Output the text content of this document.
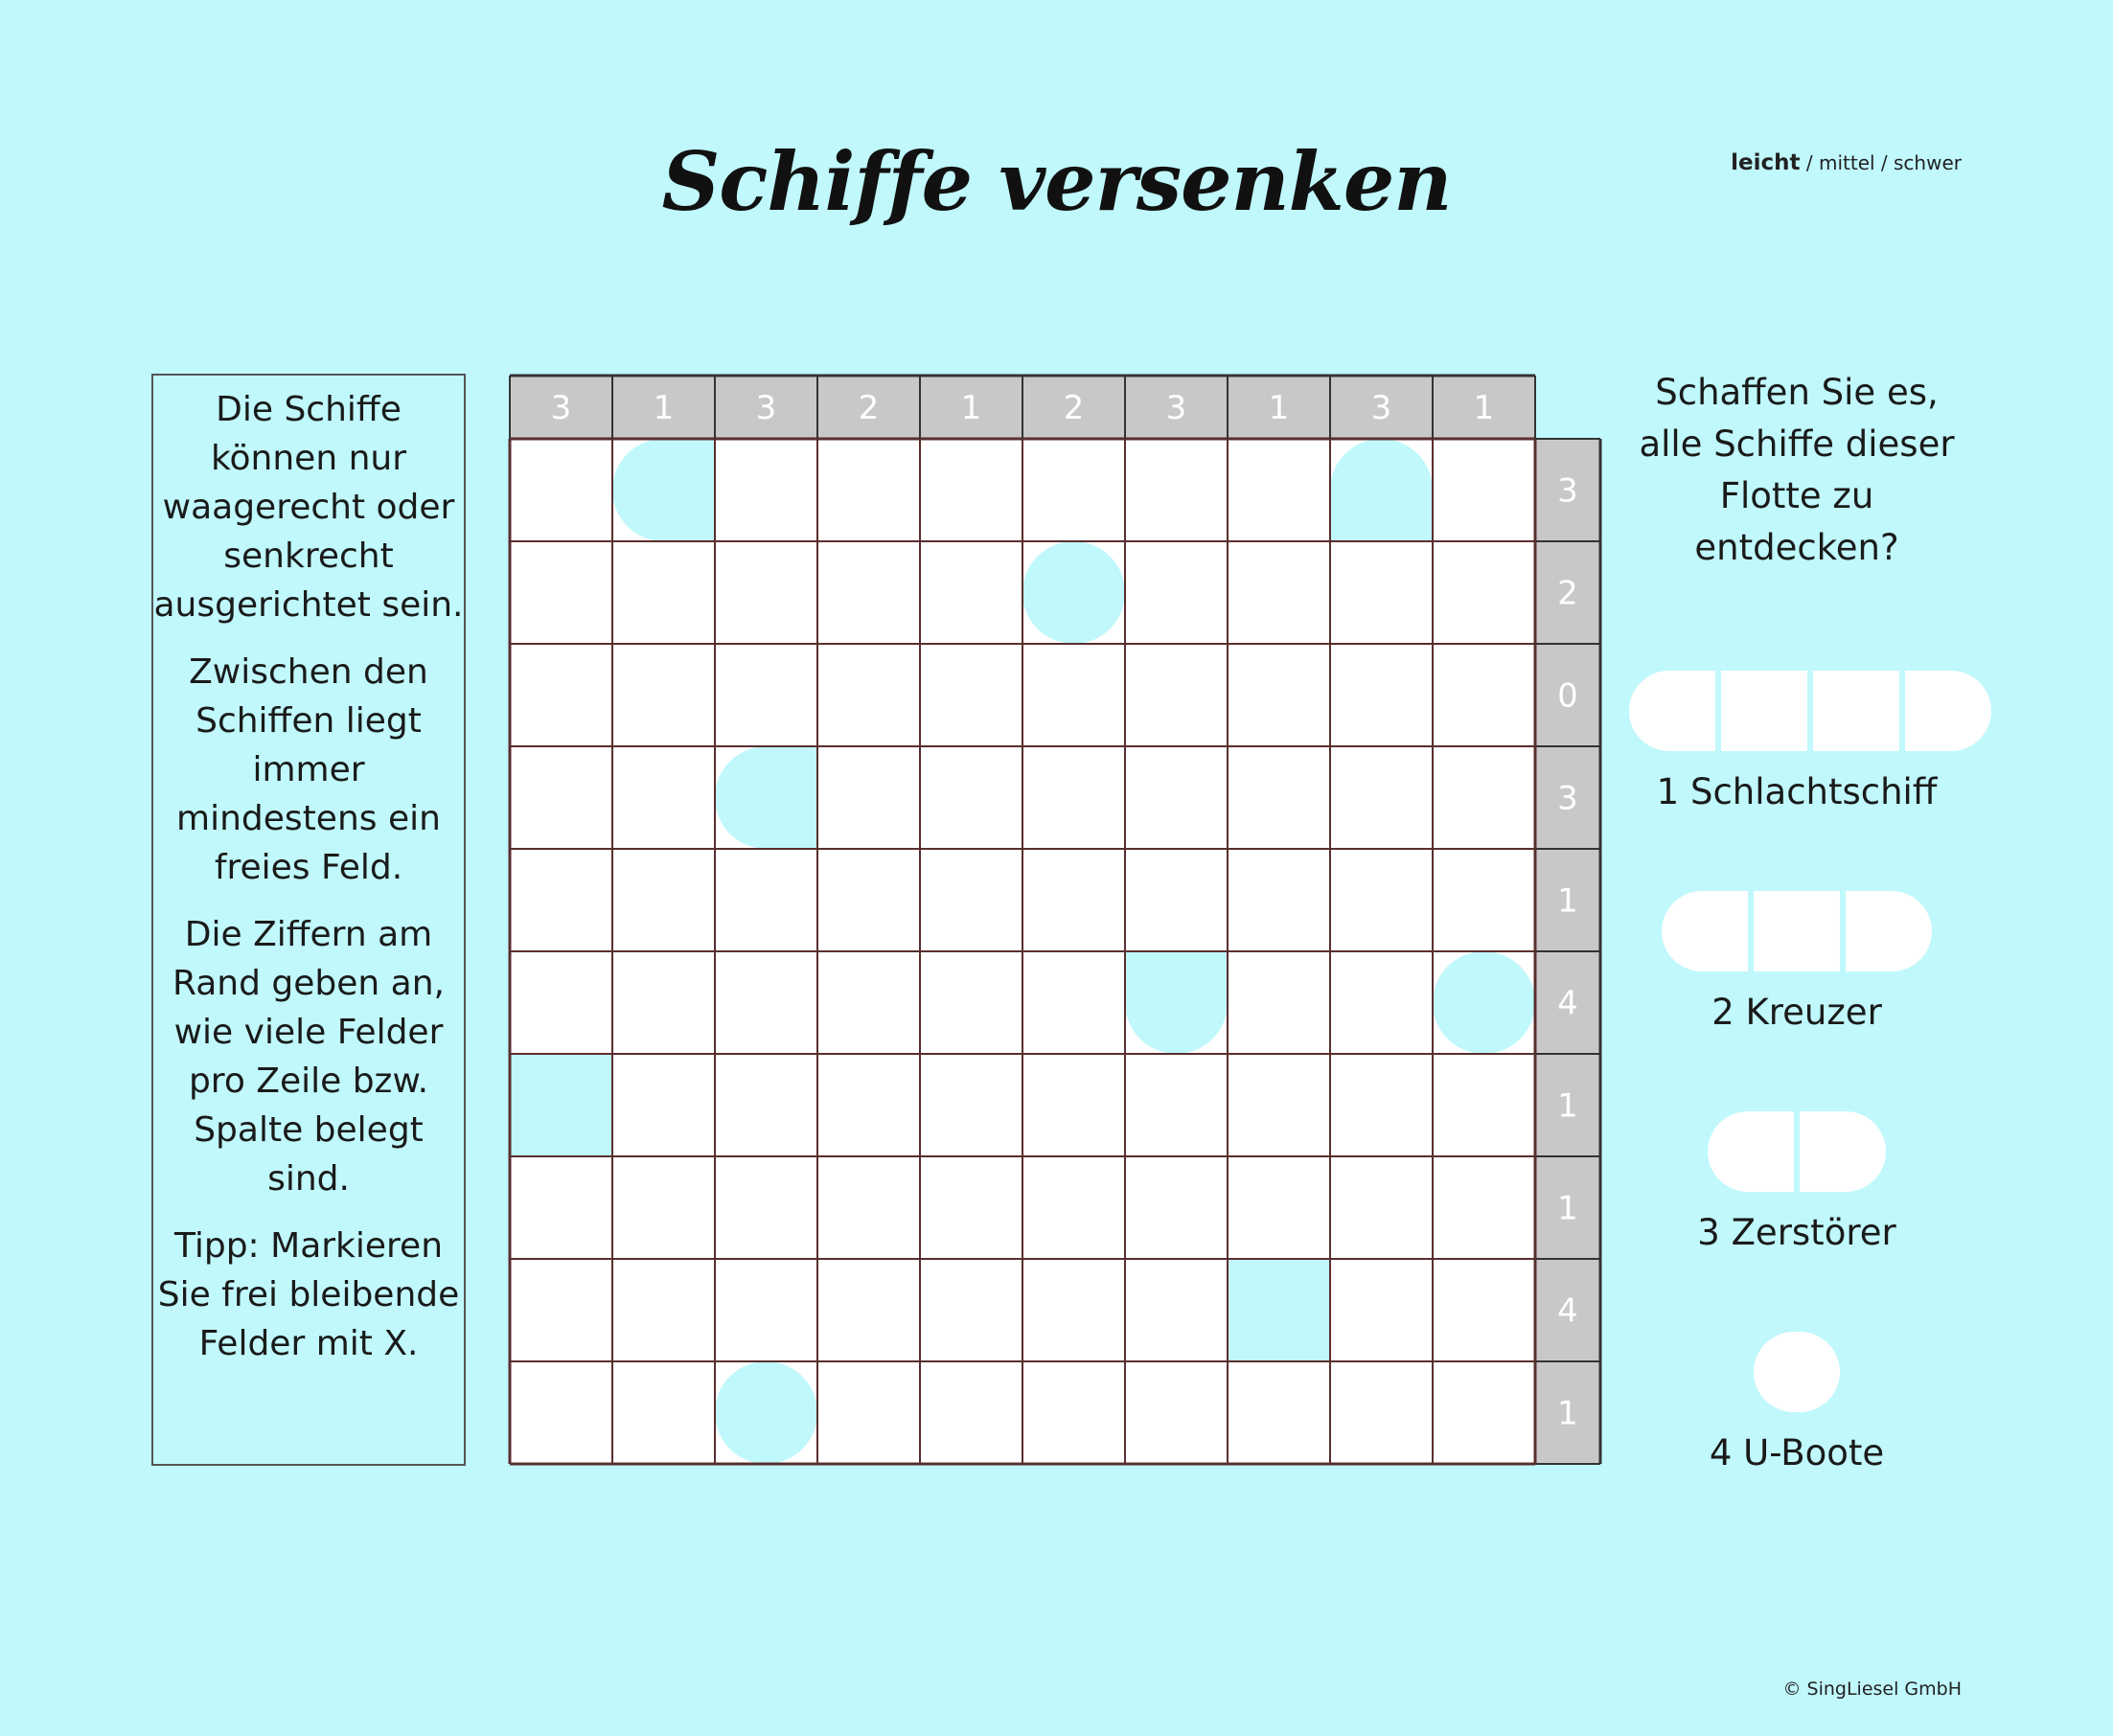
Schiffe versenken	leicht / mittel / schwer

Die Schiffe können nur waagerecht oder senkrecht ausgerichtet sein.

Zwischen den Schiffen liegt immer mindestens ein freies Feld.

Die Ziffern am Rand geben an, wie viele Felder pro Zeile bzw. Spalte belegt sind.

Tipp: Markieren Sie frei bleibende Felder mit X.

3	1	3	2	1	2	3	1	3	1
3
2
0
3
1
4
1
1
4
1
Schaffen Sie es, alle Schiffe dieser Flotte zu entdecken?
1 Schlachtschiff
2 Kreuzer
3 Zerstörer
4 U-Boote
© SingLiesel GmbH
